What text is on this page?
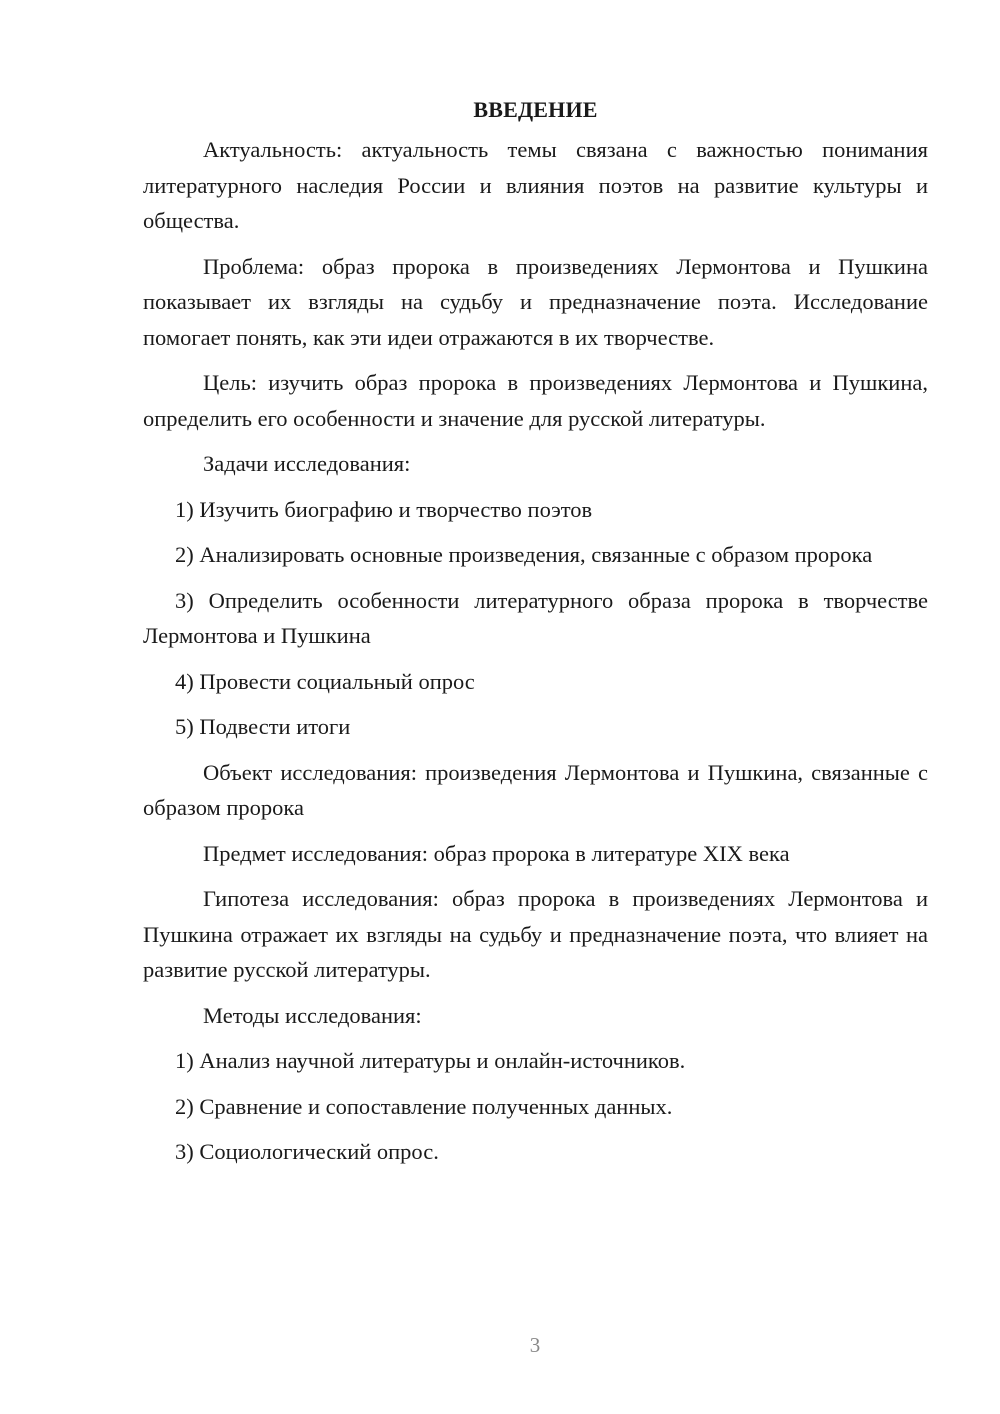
ВВЕДЕНИЕ

Актуальность: актуальность темы связана с важностью понимания литературного наследия России и влияния поэтов на развитие культуры и общества.

Проблема: образ пророка в произведениях Лермонтова и Пушкина показывает их взгляды на судьбу и предназначение поэта. Исследование помогает понять, как эти идеи отражаются в их творчестве.

Цель: изучить образ пророка в произведениях Лермонтова и Пушкина, определить его особенности и значение для русской литературы.

Задачи исследования:

1) Изучить биографию и творчество поэтов

2) Анализировать основные произведения, связанные с образом пророка

3) Определить особенности литературного образа пророка в творчестве Лермонтова и Пушкина

4) Провести социальный опрос

5) Подвести итоги

Объект исследования: произведения Лермонтова и Пушкина, связанные с образом пророка

Предмет исследования: образ пророка в литературе XIX века

Гипотеза исследования: образ пророка в произведениях Лермонтова и Пушкина отражает их взгляды на судьбу и предназначение поэта, что влияет на развитие русской литературы.

Методы исследования:

1) Анализ научной литературы и онлайн-источников.

2) Сравнение и сопоставление полученных данных.

3) Социологический опрос.

3
